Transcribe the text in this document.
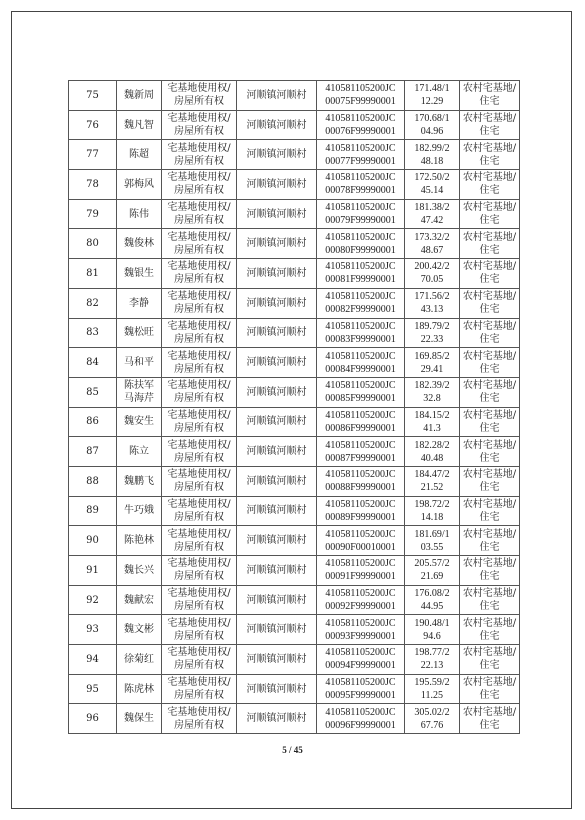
75	魏新周	宅基地使用权/
房屋所有权	河顺镇河顺村	410581105200JC
00075F99990001	171.48/1
12.29	农村宅基地/
住宅

76	魏凡智	宅基地使用权/
房屋所有权	河顺镇河顺村	410581105200JC
00076F99990001	170.68/1
04.96	农村宅基地/
住宅

77	陈超	宅基地使用权/
房屋所有权	河顺镇河顺村	410581105200JC
00077F99990001	182.99/2
48.18	农村宅基地/
住宅

78	郭梅风	宅基地使用权/
房屋所有权	河顺镇河顺村	410581105200JC
00078F99990001	172.50/2
45.14	农村宅基地/
住宅

79	陈伟	宅基地使用权/
房屋所有权	河顺镇河顺村	410581105200JC
00079F99990001	181.38/2
47.42	农村宅基地/
住宅

80	魏俊林	宅基地使用权/
房屋所有权	河顺镇河顺村	410581105200JC
00080F99990001	173.32/2
48.67	农村宅基地/
住宅

81	魏银生	宅基地使用权/
房屋所有权	河顺镇河顺村	410581105200JC
00081F99990001	200.42/2
70.05	农村宅基地/
住宅

82	李静	宅基地使用权/
房屋所有权	河顺镇河顺村	410581105200JC
00082F99990001	171.56/2
43.13	农村宅基地/
住宅

83	魏松旺	宅基地使用权/
房屋所有权	河顺镇河顺村	410581105200JC
00083F99990001	189.79/2
22.33	农村宅基地/
住宅

84	马和平	宅基地使用权/
房屋所有权	河顺镇河顺村	410581105200JC
00084F99990001	169.85/2
29.41	农村宅基地/
住宅

85	陈扶军
马海芹	宅基地使用权/
房屋所有权	河顺镇河顺村	410581105200JC
00085F99990001	182.39/2
32.8	农村宅基地/
住宅

86	魏安生	宅基地使用权/
房屋所有权	河顺镇河顺村	410581105200JC
00086F99990001	184.15/2
41.3	农村宅基地/
住宅

87	陈立	宅基地使用权/
房屋所有权	河顺镇河顺村	410581105200JC
00087F99990001	182.28/2
40.48	农村宅基地/
住宅

88	魏鹏飞	宅基地使用权/
房屋所有权	河顺镇河顺村	410581105200JC
00088F99990001	184.47/2
21.52	农村宅基地/
住宅

89	牛巧娥	宅基地使用权/
房屋所有权	河顺镇河顺村	410581105200JC
00089F99990001	198.72/2
14.18	农村宅基地/
住宅

90	陈艳林	宅基地使用权/
房屋所有权	河顺镇河顺村	410581105200JC
00090F00010001	181.69/1
03.55	农村宅基地/
住宅

91	魏长兴	宅基地使用权/
房屋所有权	河顺镇河顺村	410581105200JC
00091F99990001	205.57/2
21.69	农村宅基地/
住宅

92	魏献宏	宅基地使用权/
房屋所有权	河顺镇河顺村	410581105200JC
00092F99990001	176.08/2
44.95	农村宅基地/
住宅

93	魏文彬	宅基地使用权/
房屋所有权	河顺镇河顺村	410581105200JC
00093F99990001	190.48/1
94.6	农村宅基地/
住宅

94	徐菊红	宅基地使用权/
房屋所有权	河顺镇河顺村	410581105200JC
00094F99990001	198.77/2
22.13	农村宅基地/
住宅

95	陈虎林	宅基地使用权/
房屋所有权	河顺镇河顺村	410581105200JC
00095F99990001	195.59/2
11.25	农村宅基地/
住宅

96	魏保生	宅基地使用权/
房屋所有权	河顺镇河顺村	410581105200JC
00096F99990001	305.02/2
67.76	农村宅基地/
住宅
5 / 45
